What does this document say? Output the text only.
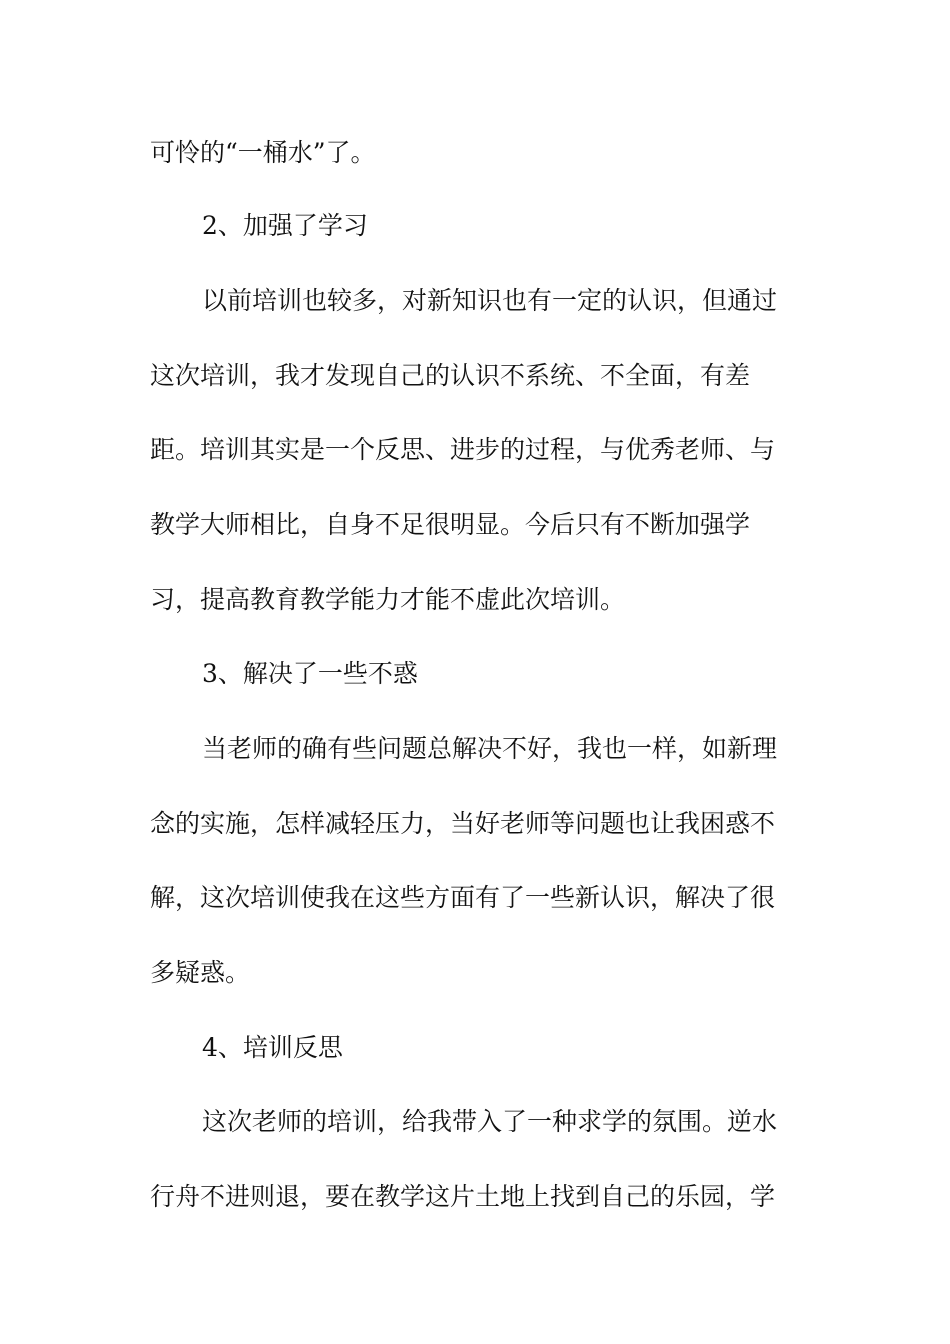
可怜的“一桶水”了。
2、加强了学习
以前培训也较多，对新知识也有一定的认识，但通过
这次培训，我才发现自己的认识不系统、不全面，有差
距。培训其实是一个反思、进步的过程，与优秀老师、与
教学大师相比，自身不足很明显。今后只有不断加强学
习，提高教育教学能力才能不虚此次培训。
3、解决了一些不惑
当老师的确有些问题总解决不好，我也一样，如新理
念的实施，怎样减轻压力，当好老师等问题也让我困惑不
解，这次培训使我在这些方面有了一些新认识，解决了很
多疑惑。
4、培训反思
这次老师的培训，给我带入了一种求学的氛围。逆水
行舟不进则退，要在教学这片土地上找到自己的乐园，学
